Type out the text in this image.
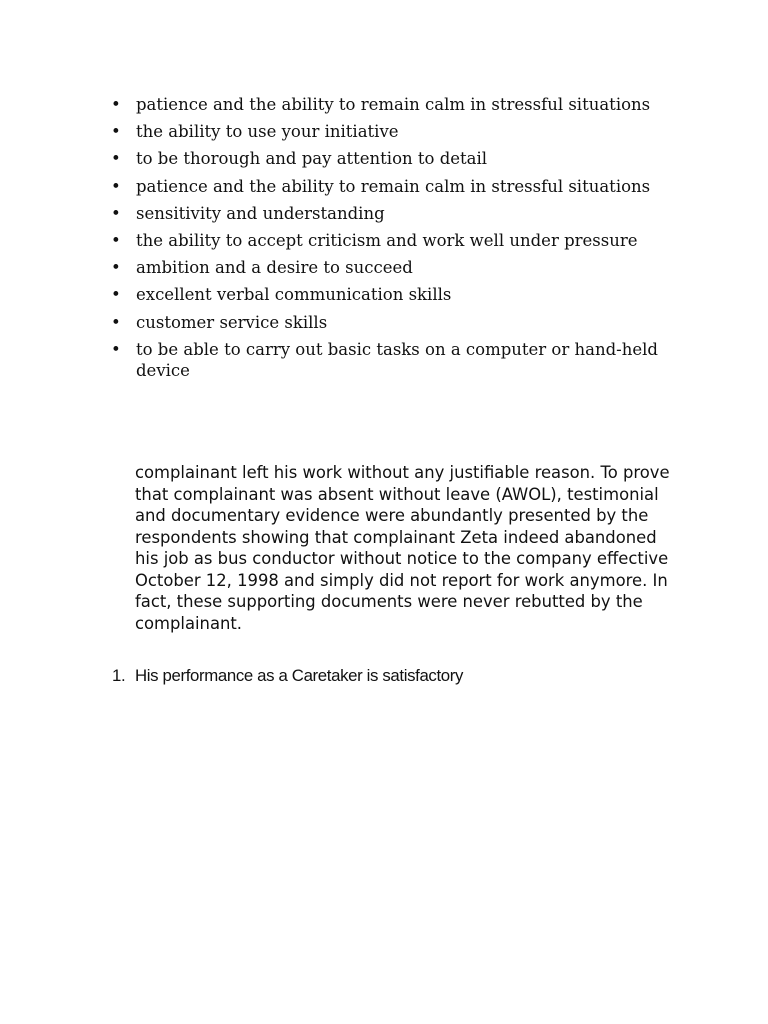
• patience and the ability to remain calm in stressful situations
• the ability to use your initiative
• to be thorough and pay attention to detail
• patience and the ability to remain calm in stressful situations
• sensitivity and understanding
• the ability to accept criticism and work well under pressure
• ambition and a desire to succeed
• excellent verbal communication skills
• customer service skills
• to be able to carry out basic tasks on a computer or hand-held device

complainant left his work without any justifiable reason. To prove that complainant was absent without leave (AWOL), testimonial and documentary evidence were abundantly presented by the respondents showing that complainant Zeta indeed abandoned his job as bus conductor without notice to the company effective October 12, 1998 and simply did not report for work anymore. In fact, these supporting documents were never rebutted by the complainant.

1. His performance as a Caretaker is satisfactory
